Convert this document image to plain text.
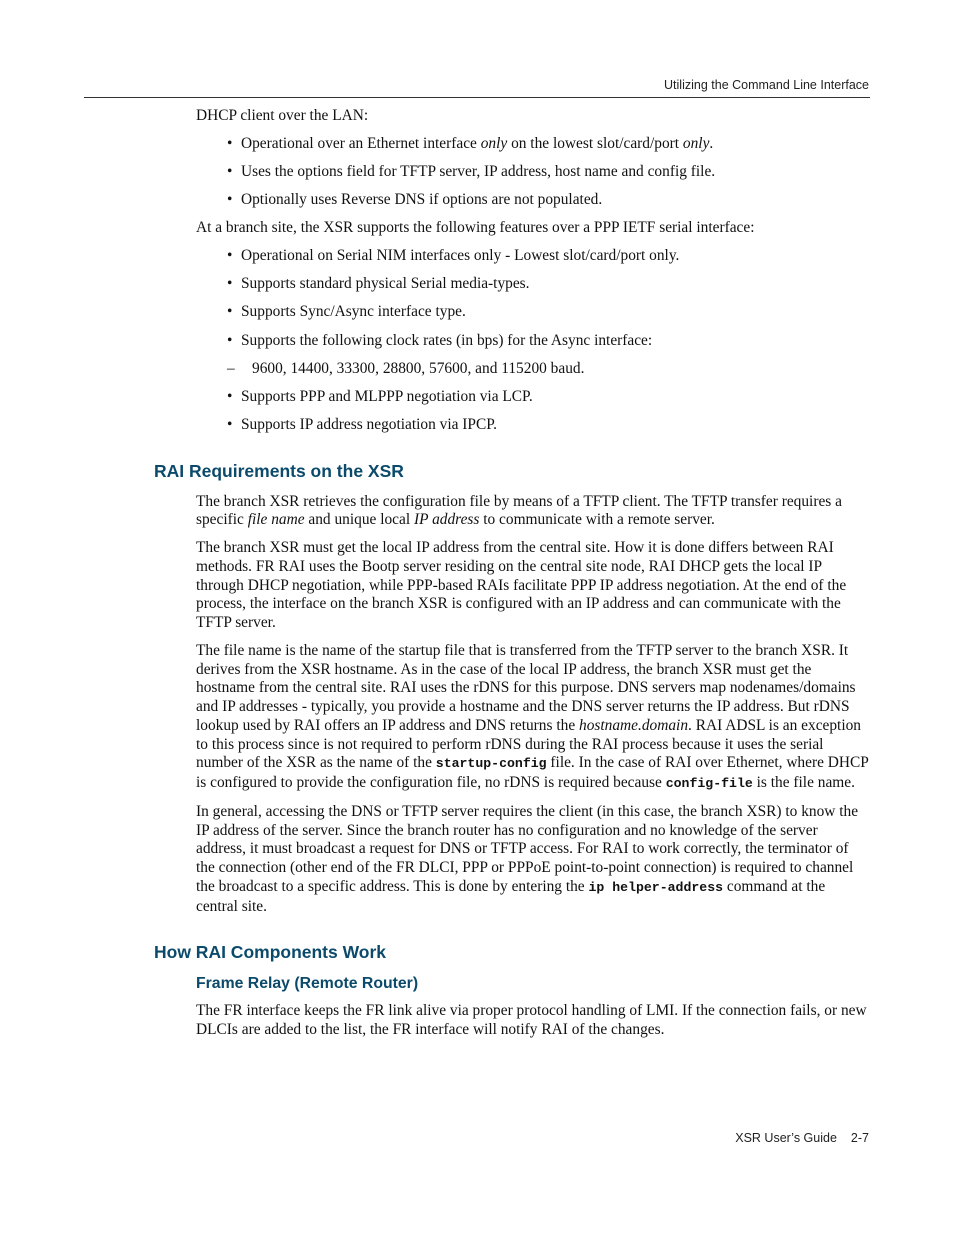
Utilizing the Command Line Interface

DHCP client over the LAN:

• Operational over an Ethernet interface only on the lowest slot/card/port only.
• Uses the options field for TFTP server, IP address, host name and config file.
• Optionally uses Reverse DNS if options are not populated.

At a branch site, the XSR supports the following features over a PPP IETF serial interface:

• Operational on Serial NIM interfaces only - Lowest slot/card/port only.
• Supports standard physical Serial media-types.
• Supports Sync/Async interface type.
• Supports the following clock rates (in bps) for the Async interface:
– 9600, 14400, 33300, 28800, 57600, and 115200 baud.
• Supports PPP and MLPPP negotiation via LCP.
• Supports IP address negotiation via IPCP.
RAI Requirements on the XSR

The branch XSR retrieves the configuration file by means of a TFTP client. The TFTP transfer requires a specific file name and unique local IP address to communicate with a remote server.

The branch XSR must get the local IP address from the central site. How it is done differs between RAI methods. FR RAI uses the Bootp server residing on the central site node, RAI DHCP gets the local IP through DHCP negotiation, while PPP-based RAIs facilitate PPP IP address negotiation. At the end of the process, the interface on the branch XSR is configured with an IP address and can communicate with the TFTP server.

The file name is the name of the startup file that is transferred from the TFTP server to the branch XSR. It derives from the XSR hostname. As in the case of the local IP address, the branch XSR must get the hostname from the central site. RAI uses the rDNS for this purpose. DNS servers map nodenames/domains and IP addresses - typically, you provide a hostname and the DNS server returns the IP address. But rDNS lookup used by RAI offers an IP address and DNS returns the hostname.domain. RAI ADSL is an exception to this process since is not required to perform rDNS during the RAI process because it uses the serial number of the XSR as the name of the startup-config file. In the case of RAI over Ethernet, where DHCP is configured to provide the configuration file, no rDNS is required because config-file is the file name.

In general, accessing the DNS or TFTP server requires the client (in this case, the branch XSR) to know the IP address of the server. Since the branch router has no configuration and no knowledge of the server address, it must broadcast a request for DNS or TFTP access. For RAI to work correctly, the terminator of the connection (other end of the FR DLCI, PPP or PPPoE point-to-point connection) is required to channel the broadcast to a specific address. This is done by entering the ip helper-address command at the central site.

How RAI Components Work
Frame Relay (Remote Router)

The FR interface keeps the FR link alive via proper protocol handling of LMI. If the connection fails, or new DLCIs are added to the list, the FR interface will notify RAI of the changes.

XSR User’s Guide 2-7
